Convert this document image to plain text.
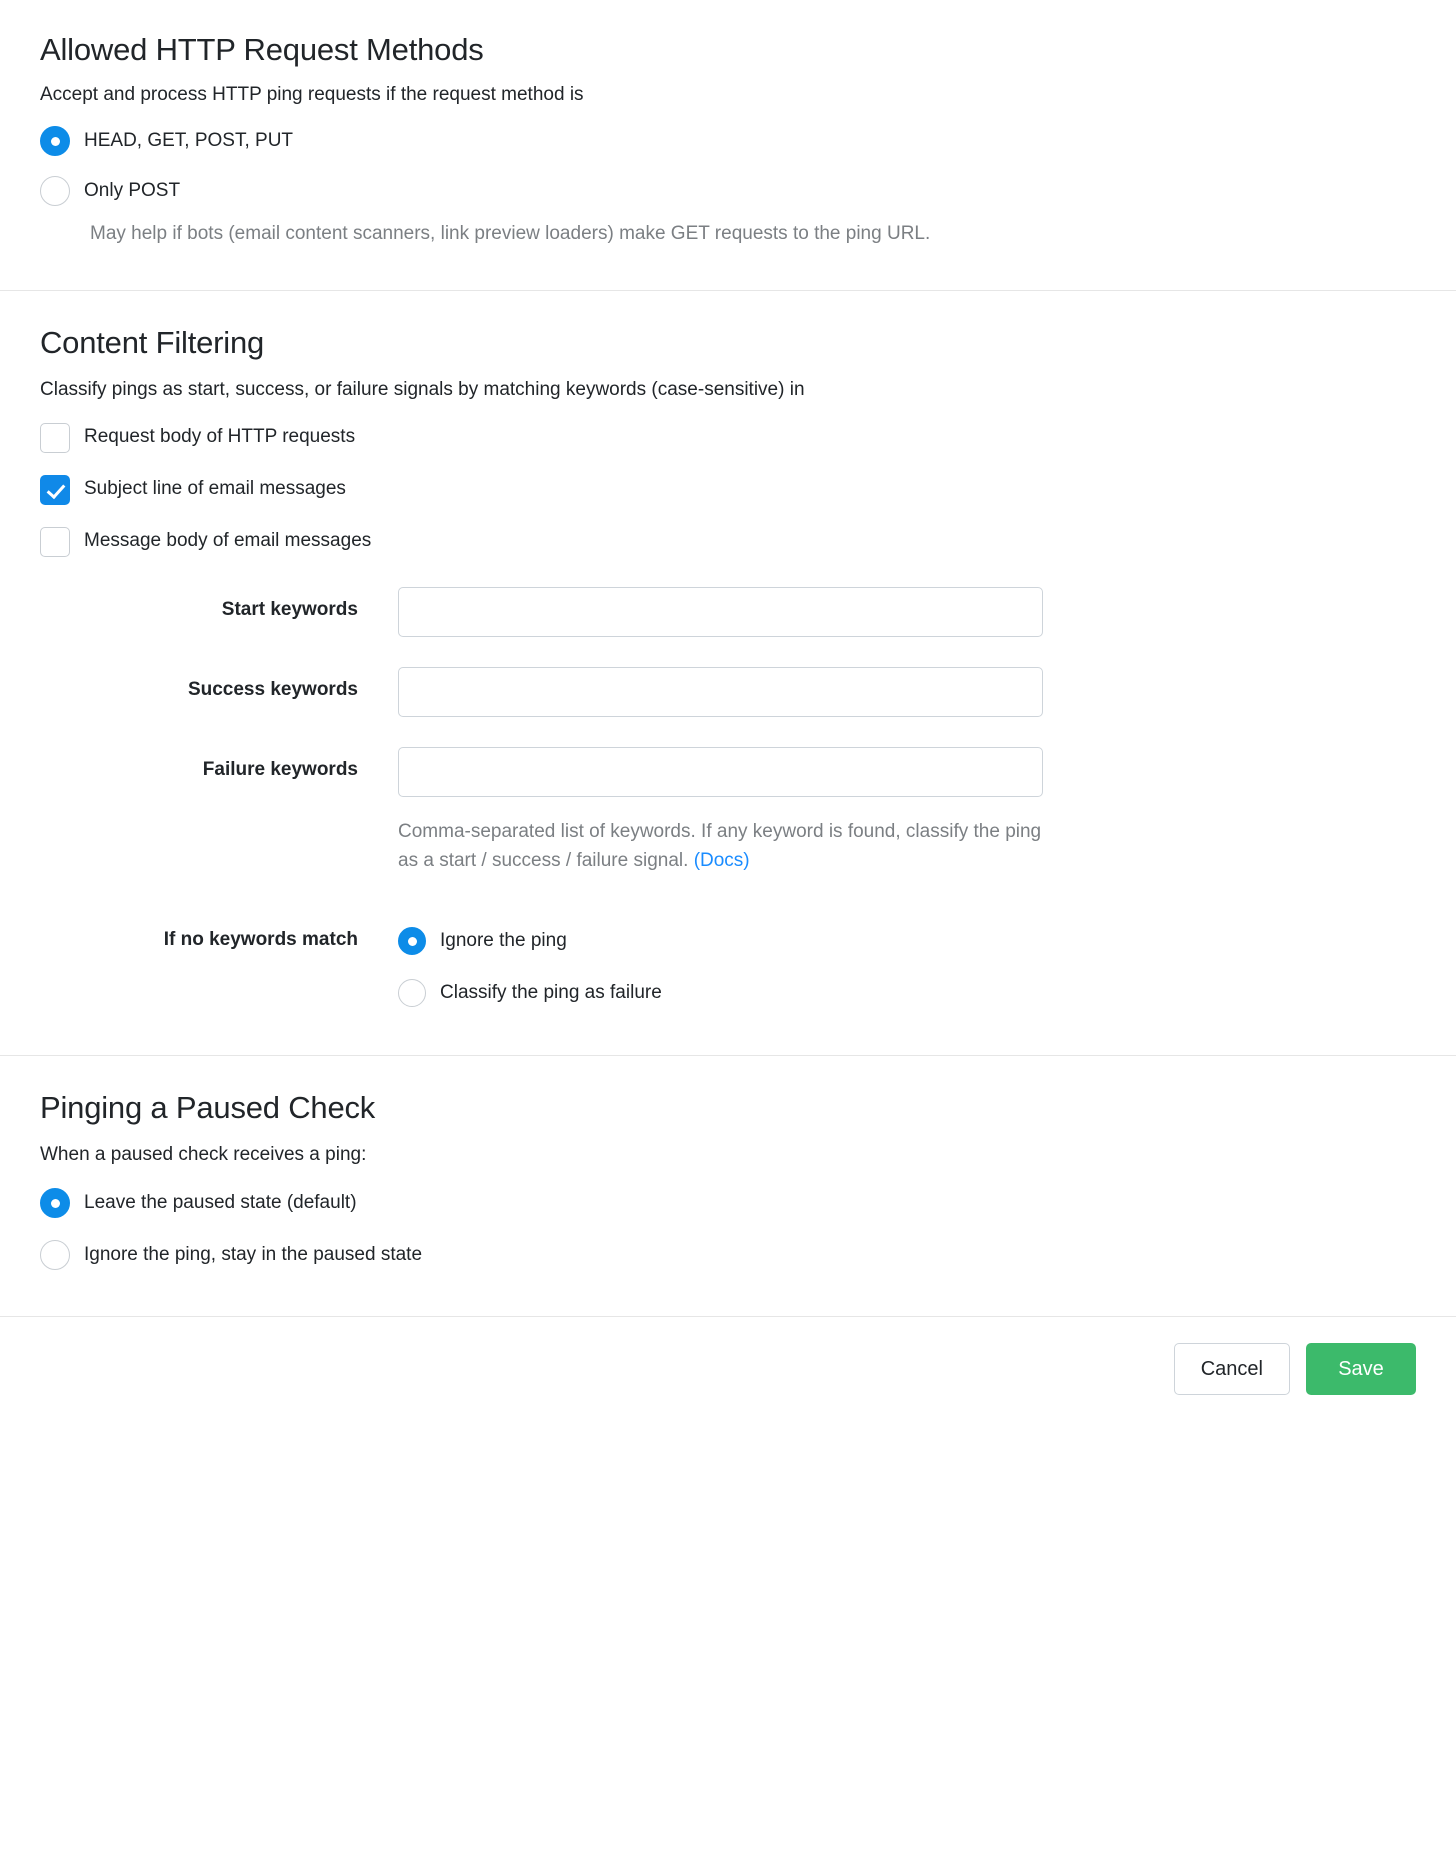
Allowed HTTP Request Methods

Accept and process HTTP ping requests if the request method is

HEAD, GET, POST, PUT
Only POST
May help if bots (email content scanners, link preview loaders) make GET requests to the ping URL.
Content Filtering

Classify pings as start, success, or failure signals by matching keywords (case-sensitive) in

Request body of HTTP requests
Subject line of email messages
Message body of email messages
Start keywords
Success keywords
Failure keywords
Comma-separated list of keywords. If any keyword is found, classify the ping as a start / success / failure signal. (Docs)
If no keywords match	Ignore the ping
Classify the ping as failure
Pinging a Paused Check

When a paused check receives a ping:

Leave the paused state (default)
Ignore the ping, stay in the paused state
Cancel	Save
